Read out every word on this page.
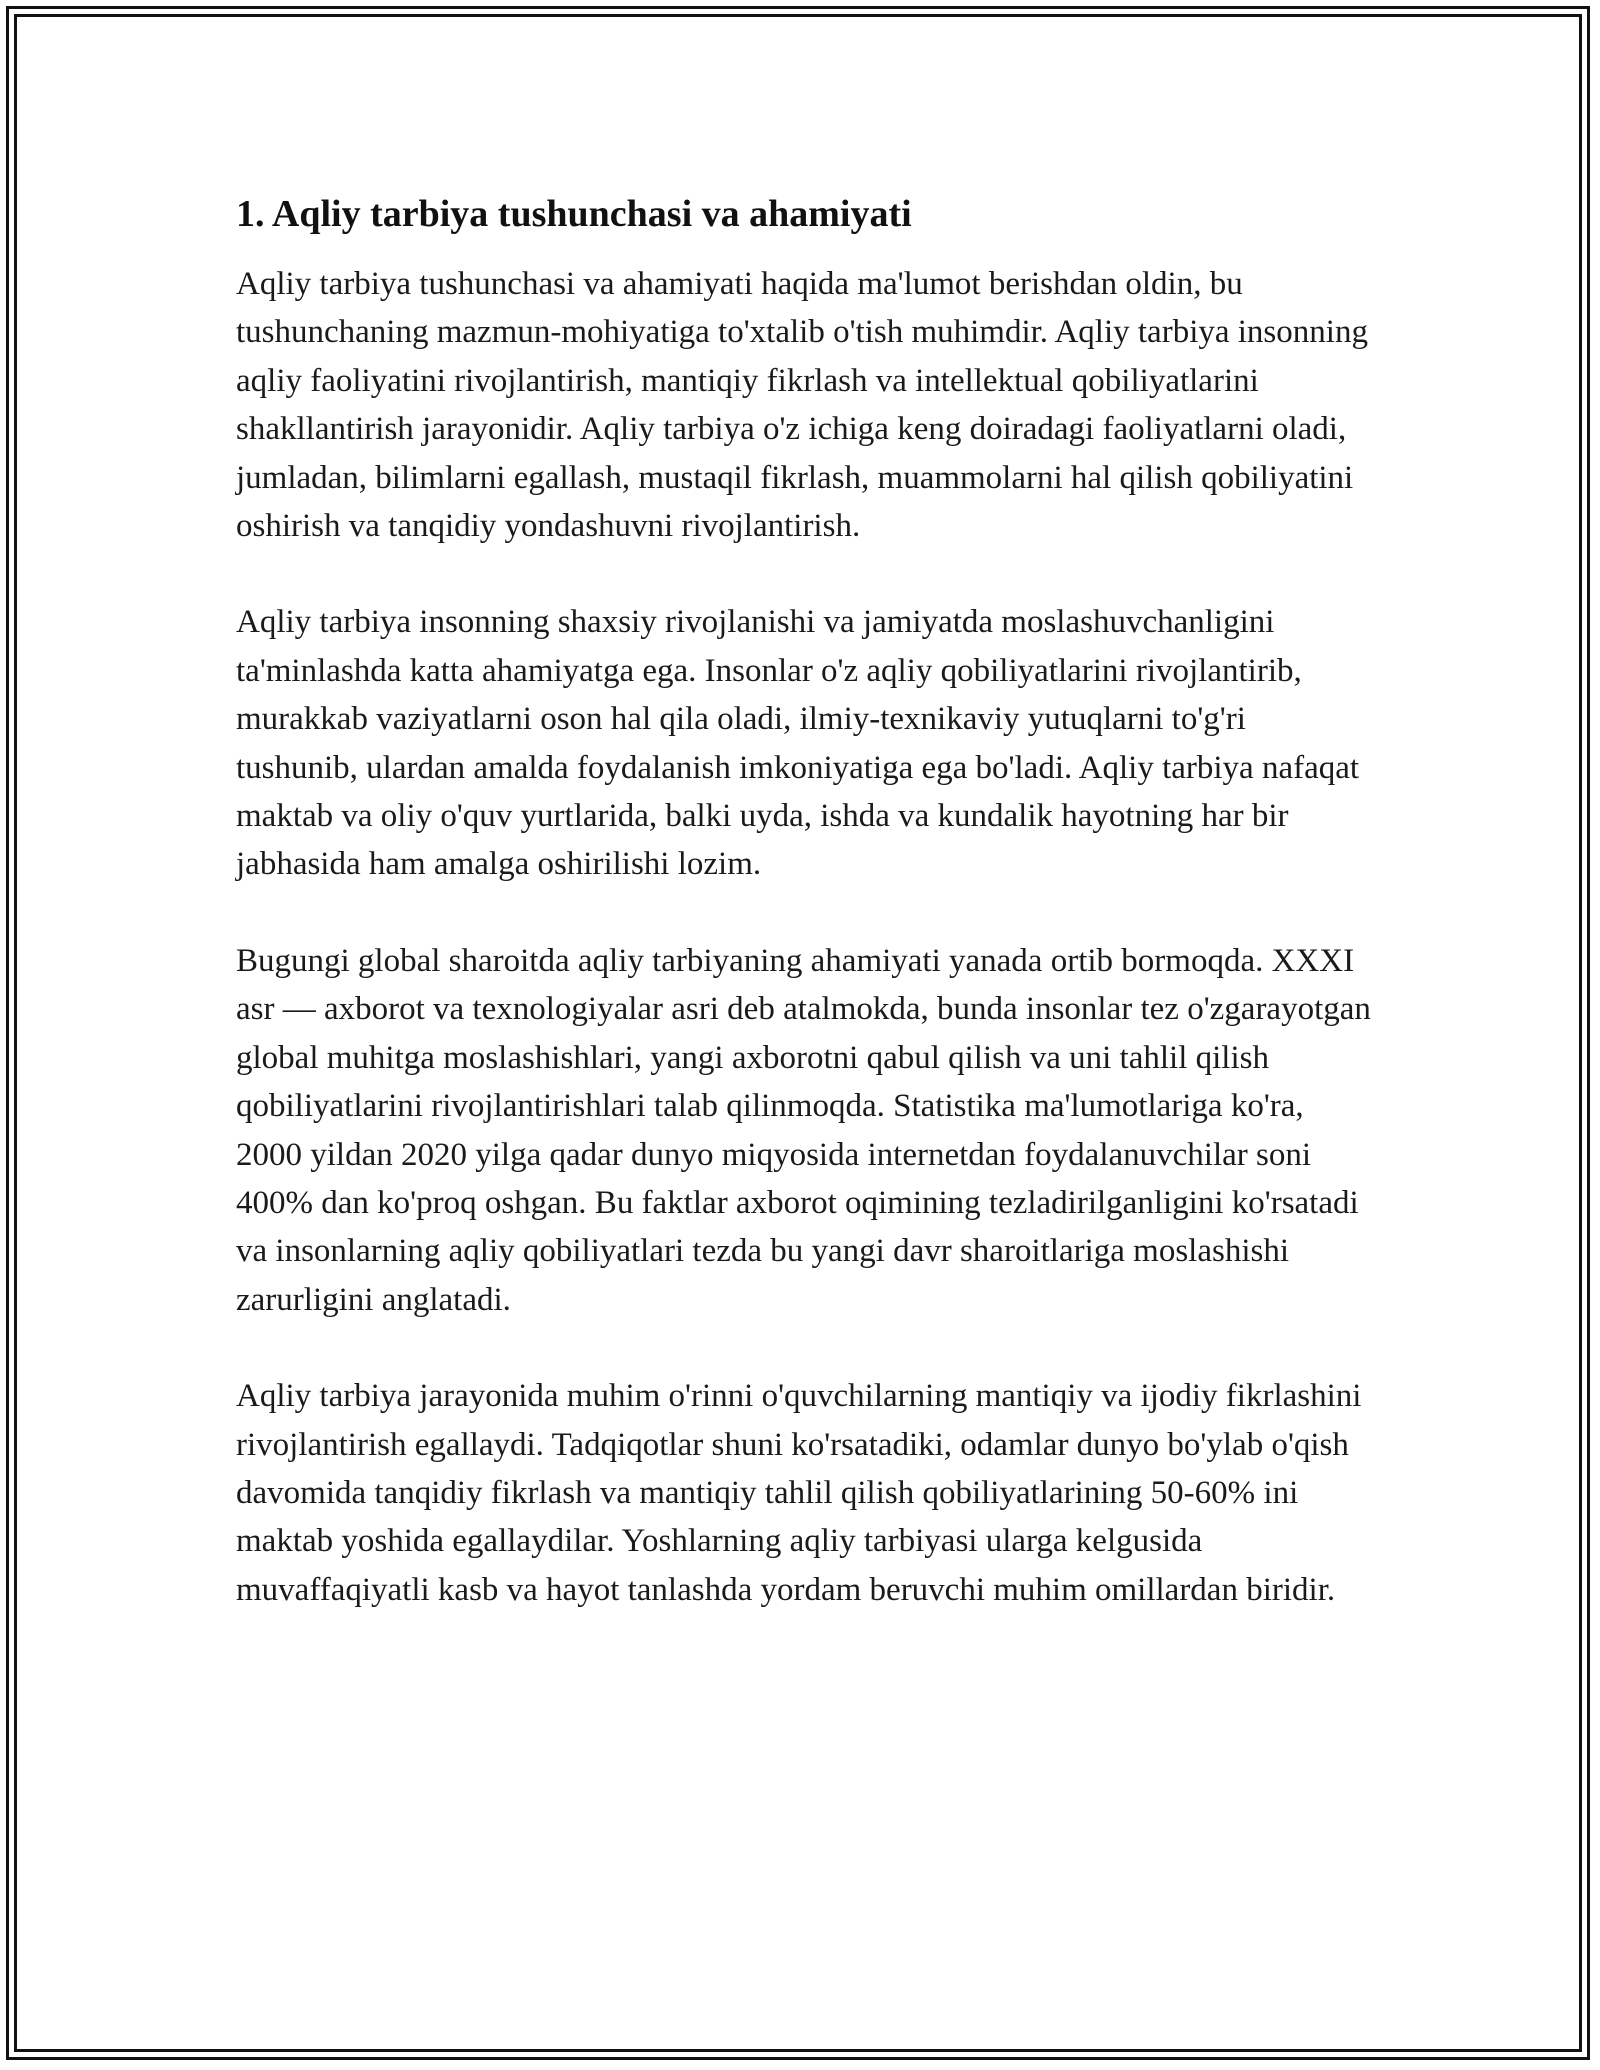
1. Aqliy tarbiya tushunchasi va ahamiyati

Aqliy tarbiya tushunchasi va ahamiyati haqida ma'lumot berishdan oldin, bu tushunchaning mazmun-mohiyatiga to'xtalib o'tish muhimdir. Aqliy tarbiya insonning aqliy faoliyatini rivojlantirish, mantiqiy fikrlash va intellektual qobiliyatlarini shakllantirish jarayonidir. Aqliy tarbiya o'z ichiga keng doiradagi faoliyatlarni oladi, jumladan, bilimlarni egallash, mustaqil fikrlash, muammolarni hal qilish qobiliyatini oshirish va tanqidiy yondashuvni rivojlantirish.

Aqliy tarbiya insonning shaxsiy rivojlanishi va jamiyatda moslashuvchanligini ta'minlashda katta ahamiyatga ega. Insonlar o'z aqliy qobiliyatlarini rivojlantirib, murakkab vaziyatlarni oson hal qila oladi, ilmiy-texnikaviy yutuqlarni to'g'ri tushunib, ulardan amalda foydalanish imkoniyatiga ega bo'ladi. Aqliy tarbiya nafaqat maktab va oliy o'quv yurtlarida, balki uyda, ishda va kundalik hayotning har bir jabhasida ham amalga oshirilishi lozim.

Bugungi global sharoitda aqliy tarbiyaning ahamiyati yanada ortib bormoqda. XXXI asr — axborot va texnologiyalar asri deb atalmokda, bunda insonlar tez o'zgarayotgan global muhitga moslashishlari, yangi axborotni qabul qilish va uni tahlil qilish qobiliyatlarini rivojlantirishlari talab qilinmoqda. Statistika ma'lumotlariga ko'ra, 2000 yildan 2020 yilga qadar dunyo miqyosida internetdan foydalanuvchilar soni 400% dan ko'proq oshgan. Bu faktlar axborot oqimining tezladirilganligini ko'rsatadi va insonlarning aqliy qobiliyatlari tezda bu yangi davr sharoitlariga moslashishi zarurligini anglatadi.

Aqliy tarbiya jarayonida muhim o'rinni o'quvchilarning mantiqiy va ijodiy fikrlashini rivojlantirish egallaydi. Tadqiqotlar shuni ko'rsatadiki, odamlar dunyo bo'ylab o'qish davomida tanqidiy fikrlash va mantiqiy tahlil qilish qobiliyatlarining 50-60% ini maktab yoshida egallaydilar. Yoshlarning aqliy tarbiyasi ularga kelgusida muvaffaqiyatli kasb va hayot tanlashda yordam beruvchi muhim omillardan biridir.
